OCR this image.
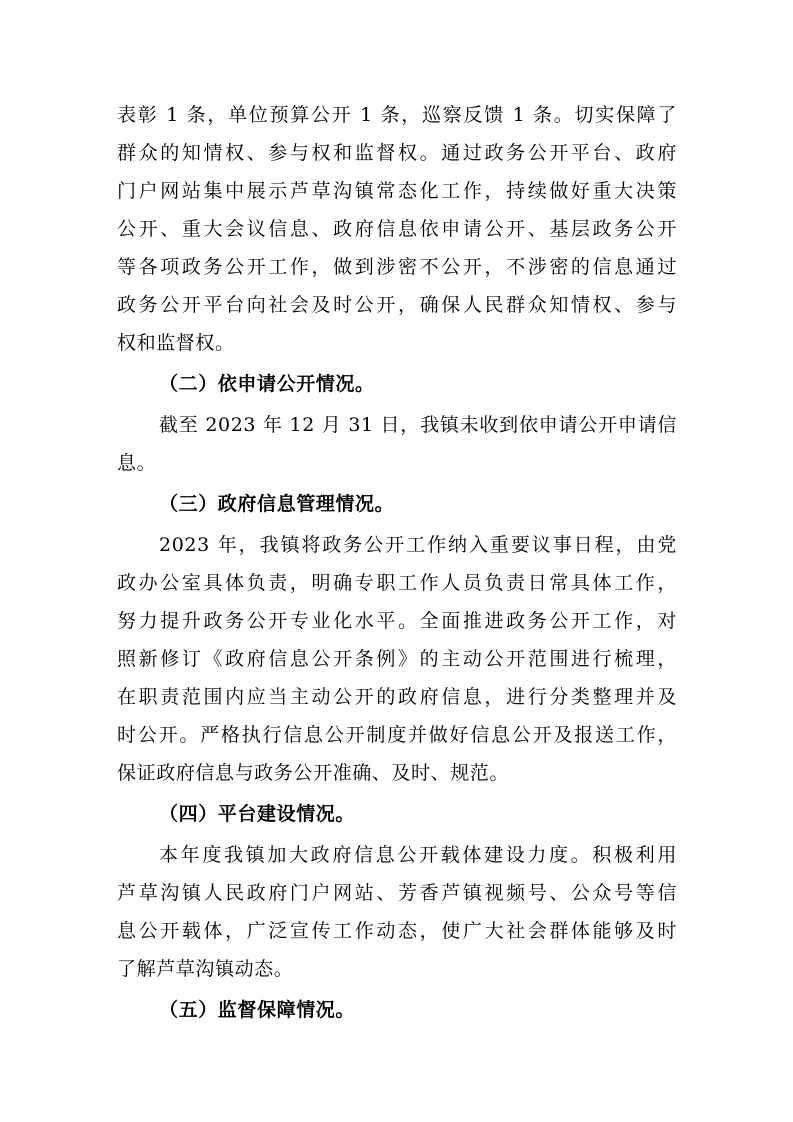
表彰 1 条，单位预算公开 1 条，巡察反馈 1 条。切实保障了
群众的知情权、参与权和监督权。通过政务公开平台、政府
门户网站集中展示芦草沟镇常态化工作，持续做好重大决策
公开、重大会议信息、政府信息依申请公开、基层政务公开
等各项政务公开工作，做到涉密不公开，不涉密的信息通过
政务公开平台向社会及时公开，确保人民群众知情权、参与
权和监督权。
（二）依申请公开情况。
截至 2023 年 12 月 31 日，我镇未收到依申请公开申请信
息。
（三）政府信息管理情况。
2023 年，我镇将政务公开工作纳入重要议事日程，由党
政办公室具体负责，明确专职工作人员负责日常具体工作，
努力提升政务公开专业化水平。全面推进政务公开工作，对
照新修订《政府信息公开条例》的主动公开范围进行梳理，
在职责范围内应当主动公开的政府信息，进行分类整理并及
时公开。严格执行信息公开制度并做好信息公开及报送工作，
保证政府信息与政务公开准确、及时、规范。
（四）平台建设情况。
本年度我镇加大政府信息公开载体建设力度。积极利用
芦草沟镇人民政府门户网站、芳香芦镇视频号、公众号等信
息公开载体，广泛宣传工作动态，使广大社会群体能够及时
了解芦草沟镇动态。
（五）监督保障情况。
